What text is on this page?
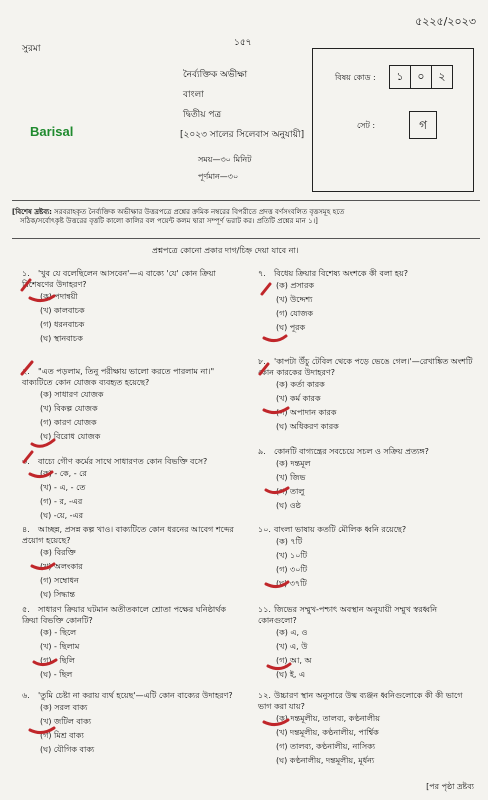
৫২২৫/২০২৩
সুরমা
১৫৭
নৈর্ব্যক্তিক অভীক্ষা
বাংলা
দ্বিতীয় পত্র
[২০২৩ সালের সিলেবাস অনুযায়ী]
সময়—৩০ মিনিট
পূর্ণমান—৩০
Barisal
বিষয় কোড :	১	০	২
সেট :	গ
[বিশেষ দ্রষ্টব্য: সরবরাহকৃত নৈর্ব্যক্তিক অভীক্ষার উত্তরপত্রে প্রশ্নের ক্রমিক নম্বরের বিপরীতে প্রদত্ত বর্ণসংবলিত বৃত্তসমূহ হতে
সঠিক/সর্বোৎকৃষ্ট উত্তরের বৃত্তটি কালো কালির বল পয়েন্ট কলম দ্বারা সম্পূর্ণ ভরাট কর। প্রতিটি প্রশ্নের মান ১।]
প্রশ্নপত্রে কোনো প্রকার দাগ/চিহ্ন দেয়া যাবে না।
১. 'খুব যে বলেছিলেন আসবেন'—এ বাক্যে 'যে' কোন ক্রিয়া বিশেষণের উদাহরণ?
(ক) পদান্বয়ী
(খ) কালবাচক
(গ) ধরনবাচক
(ঘ) স্থানবাচক
২. "এত পড়লাম, তিনু পরীক্ষায় ভালো করতে পারলাম না।" বাক্যটিতে কোন যোজক ব্যবহৃত হয়েছে?
(ক) সাধারণ যোজক
(খ) বিকল্প যোজক
(গ) কারণ যোজক
(ঘ) বিরোধ যোজক
৩. বাচ্যে গৌণ কর্মের সাথে সাধারণত কোন বিভক্তি বসে?
(ক) - কে, - রে
(খ) - এ, - তে
(গ) - র, -এর
(ঘ) -য়ে, -এর
৪. আচ্ছন্ন, প্রসন্ন কল্প খাও। বাক্যটিতে কোন ধরনের আবেগ শব্দের প্রয়োগ হয়েছে?
(ক) বিরক্তি
(খ) অলংকার
(গ) সম্বোধন
(ঘ) সিদ্ধান্ত
৫. সাধারণ ক্রিয়ার ঘটমান অতীতকালে শ্রোতা পক্ষের ঘনিষ্ঠার্থক ক্রিয়া বিভক্তি কোনটি?
(ক) - ছিলে
(খ) - ছিলাম
(গ) - ছিলি
(ঘ) - ছিল
৬. 'তুমি চেষ্টা না করায় ব্যর্থ হয়েছ'—এটি কোন বাক্যের উদাহরণ?
(ক) সরল বাক্য
(খ) জটিল বাক্য
(গ) মিশ্র বাক্য
(ঘ) যৌগিক বাক্য
৭. বিধেয় ক্রিয়ার বিশেষ্য অংশকে কী বলা হয়?
(ক) প্রসারক
(খ) উদ্দেশ্য
(গ) যোজক
(ঘ) পূরক
৮. 'কাপটা উঁচু টেবিল থেকে পড়ে ভেঙে গেল।'—রেখাঙ্কিত অংশটি কোন কারকের উদাহরণ?
(ক) কর্তা কারক
(খ) কর্ম কারক
(গ) অপাদান কারক
(ঘ) অধিকরণ কারক
৯. কোনটি বাগ্যন্ত্রের সবচেয়ে সচল ও সক্রিয় প্রত্যঙ্গ?
(ক) দন্তমূল
(খ) জিভ
(গ) তালু
(ঘ) ওষ্ঠ
১০. বাংলা ভাষায় কতটি মৌলিক ধ্বনি রয়েছে?
(ক) ৭টি
(খ) ১০টি
(গ) ৩০টি
(ঘ) ৩৭টি
১১. জিভের সম্মুখ-পশ্চাৎ অবস্থান অনুযায়ী সম্মুখ স্বরধ্বনি কোনগুলো?
(ক) এ, ও
(খ) এ, উ
(গ) আ, অ
(ঘ) ই, এ
১২. উচ্চারণ স্থান অনুসারে উষ্ম ব্যঞ্জন ধ্বনিগুলোকে কী কী ভাগে ভাগ করা যায়?
(ক) দন্তমূলীয়, তালব্য, কণ্ঠনালীয়
(খ) দন্তমূলীয়, কণ্ঠনালীয়, পার্শ্বিক
(গ) তালব্য, কণ্ঠনালীয়, নাসিক্য
(ঘ) কণ্ঠনালীয়, দন্তমূলীয়, মূর্ধন্য
[পর পৃষ্ঠা দ্রষ্টব্য
